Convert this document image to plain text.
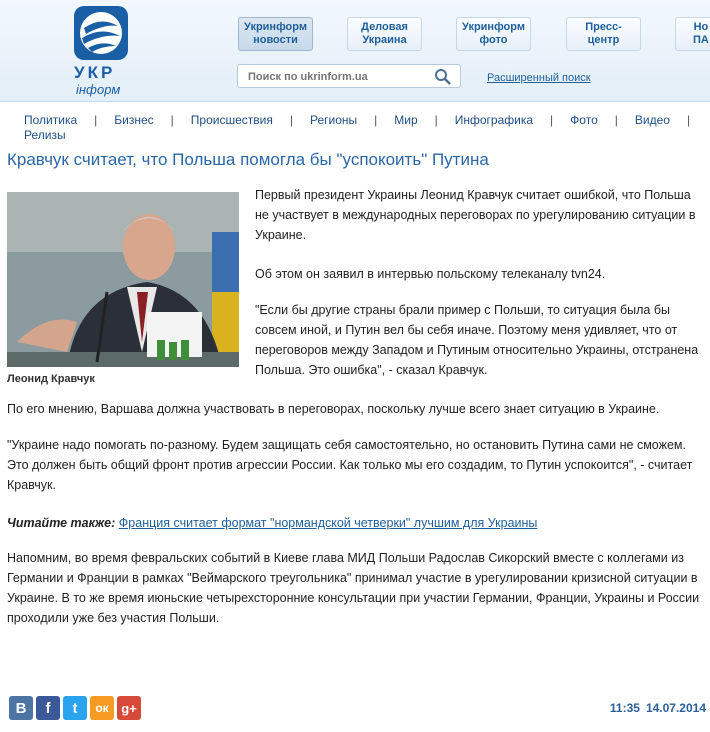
УКР
інформ
Укринформ
новости
Деловая
Украина
Укринформ
фото
Пресс-
центр
Но
ПА
Поиск по ukrinform.ua
Расширенный поиск
Политика | Бизнес | Происшествия | Регионы | Мир | Инфографика | Фото | Видео |
Релизы
Кравчук считает, что Польша помогла бы "успокоить" Путина
Леонид Кравчук
Первый президент Украины Леонид Кравчук считает ошибкой, что Польша не участвует в международных переговорах по урегулированию ситуации в Украине.
Об этом он заявил в интервью польскому телеканалу tvn24.
"Если бы другие страны брали пример с Польши, то ситуация была бы совсем иной, и Путин вел бы себя иначе. Поэтому меня удивляет, что от переговоров между Западом и Путиным относительно Украины, отстранена Польша. Это ошибка", - сказал Кравчук.
По его мнению, Варшава должна участвовать в переговорах, поскольку лучше всего знает ситуацию в Украине.
"Украине надо помогать по-разному. Будем защищать себя самостоятельно, но остановить Путина сами не сможем. Это должен быть общий фронт против агрессии России. Как только мы его создадим, то Путин успокоится", - считает Кравчук.
Читайте также: Франция считает формат "нормандской четверки" лучшим для Украины
Напомним, во время февральских событий в Киеве глава МИД Польши Радослав Сикорский вместе с коллегами из Германии и Франции в рамках "Веймарского треугольника" принимал участие в урегулировании кризисной ситуации в Украине. В то же время июньские четырехсторонние консультации при участии Германии, Франции, Украины и России проходили уже без участия Польши.
В	f	t	ок g+	11:35 14.07.2014
